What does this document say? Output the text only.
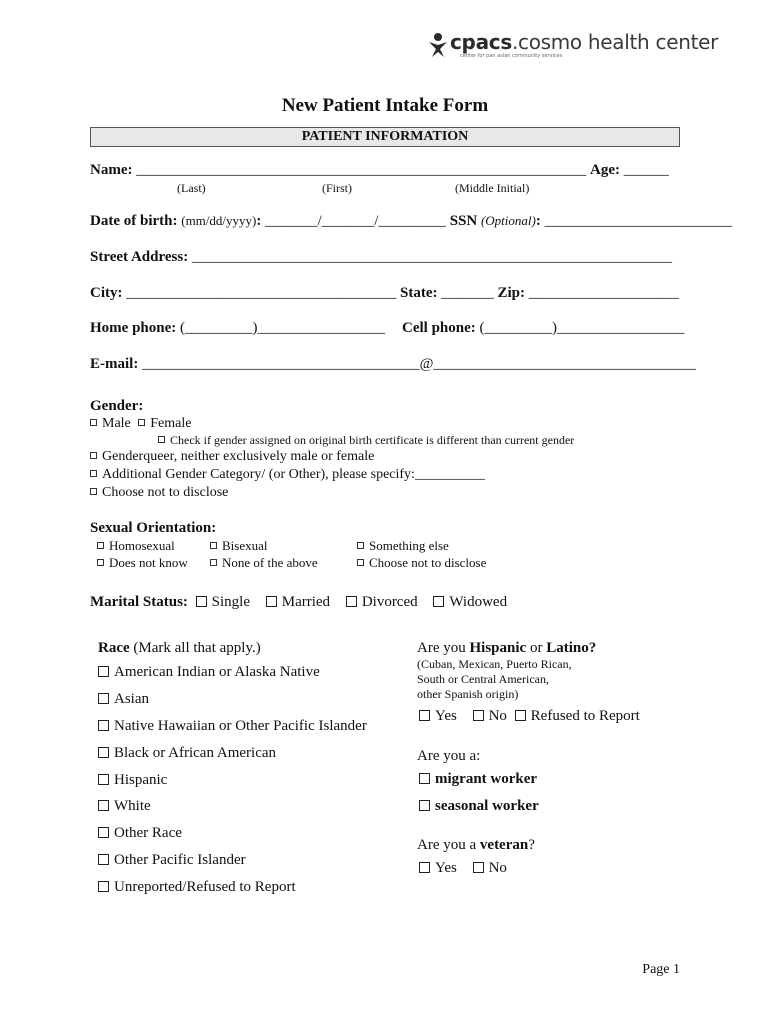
cpacs.cosmo health center
center for pan asian community services
New Patient Intake Form
PATIENT INFORMATION
Name: ____________________________________________________________ Age: ______
(Last)	(First)	(Middle Initial)
Date of birth: (mm/dd/yyyy): _______/_______/_________ SSN (Optional): _________________________
Street Address: ________________________________________________________________
City: ____________________________________ State: _______ Zip: ____________________
Home phone: (_________)_________________ Cell phone: (_________)_________________
E-mail: _____________________________________@___________________________________
Gender:
Male Female
Check if gender assigned on original birth certificate is different than current gender
Genderqueer, neither exclusively male or female
Additional Gender Category/ (or Other), please specify:__________
Choose not to disclose
Sexual Orientation:
Homosexual	Bisexual	Something else
Does not know	None of the above	Choose not to disclose
Marital Status: Single Married Divorced Widowed
Race (Mark all that apply.)
American Indian or Alaska Native
Asian
Native Hawaiian or Other Pacific Islander
Black or African American
Hispanic
White
Other Race
Other Pacific Islander
Unreported/Refused to Report
Are you Hispanic or Latino?
(Cuban, Mexican, Puerto Rican,
South or Central American,
other Spanish origin)
Yes No Refused to Report
Are you a:
migrant worker
seasonal worker
Are you a veteran?
Yes No
Page 1
